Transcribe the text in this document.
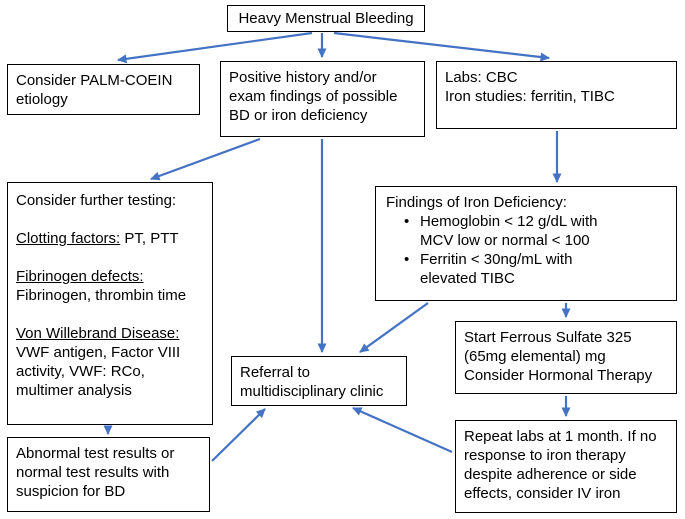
Heavy Menstrual Bleeding
Consider PALM-COEIN etiology
Positive history and/or exam findings of possible BD or iron deficiency

Labs: CBC

Iron studies: ferritin, TIBC

Consider further testing:

Clotting factors: PT, PTT

Fibrinogen defects:
Fibrinogen, thrombin time

Von Willebrand Disease:
VWF antigen, Factor VIII activity, VWF: RCo, multimer analysis

Findings of Iron Deficiency:

• Hemoglobin < 12 g/dL with MCV low or normal < 100
• Ferritin < 30ng/mL with elevated TIBC
Start Ferrous Sulfate 325 (65mg elemental) mg Consider Hormonal Therapy
Referral to multidisciplinary clinic
Abnormal test results or normal test results with suspicion for BD
Repeat labs at 1 month. If no response to iron therapy despite adherence or side effects, consider IV iron
